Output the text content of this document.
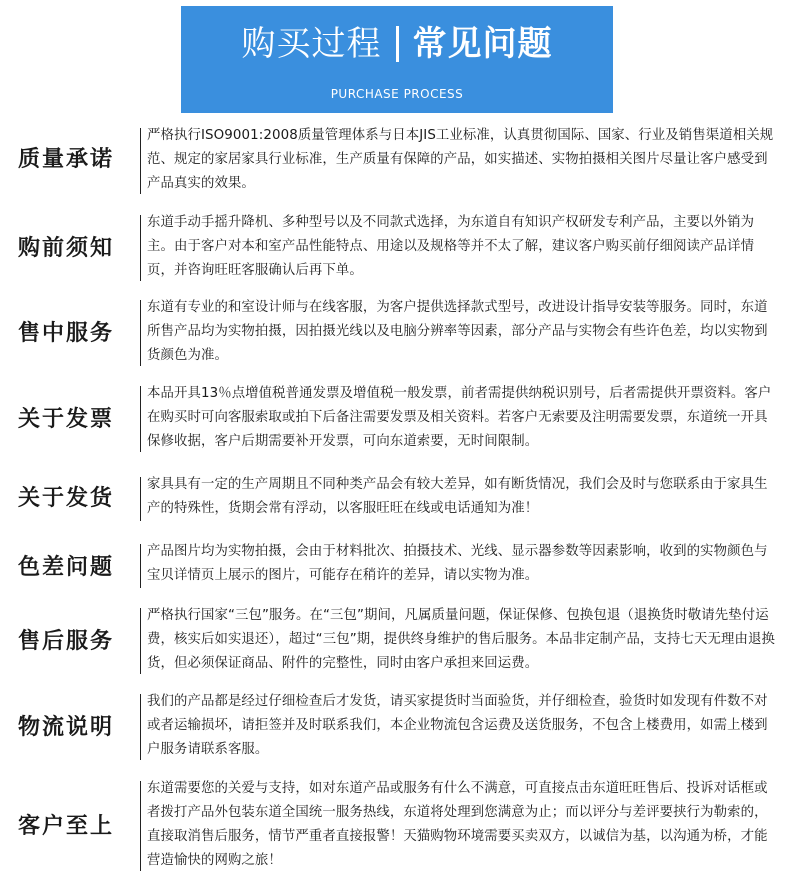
购买过程 常见问题
PURCHASE PROCESS
质量承诺
严格执行ISO9001:2008质量管理体系与日本JIS工业标准，认真贯彻国际、国家、行业及销售渠道相关规范、规定的家居家具行业标准，生产质量有保障的产品，如实描述、实物拍摄相关图片尽量让客户感受到产品真实的效果。
购前须知
东道手动手摇升降机、多种型号以及不同款式选择，为东道自有知识产权研发专利产品，主要以外销为主。由于客户对本和室产品性能特点、用途以及规格等并不太了解，建议客户购买前仔细阅读产品详情页，并咨询旺旺客服确认后再下单。
售中服务
东道有专业的和室设计师与在线客服，为客户提供选择款式型号，改进设计指导安装等服务。同时，东道所售产品均为实物拍摄，因拍摄光线以及电脑分辨率等因素，部分产品与实物会有些许色差，均以实物到货颜色为准。
关于发票
本品开具13％点增值税普通发票及增值税一般发票，前者需提供纳税识别号，后者需提供开票资料。客户在购买时可向客服索取或拍下后备注需要发票及相关资料。若客户无索要及注明需要发票，东道统一开具保修收据，客户后期需要补开发票，可向东道索要，无时间限制。
关于发货
家具具有一定的生产周期且不同种类产品会有较大差异，如有断货情况，我们会及时与您联系由于家具生产的特殊性，货期会常有浮动，以客服旺旺在线或电话通知为准！
色差问题
产品图片均为实物拍摄，会由于材料批次、拍摄技术、光线、显示器参数等因素影响，收到的实物颜色与宝贝详情页上展示的图片，可能存在稍许的差异，请以实物为准。
售后服务
严格执行国家“三包”服务。在“三包”期间，凡属质量问题，保证保修、包换包退（退换货时敬请先垫付运费，核实后如实退还），超过“三包”期，提供终身维护的售后服务。本品非定制产品，支持七天无理由退换货，但必须保证商品、附件的完整性，同时由客户承担来回运费。
物流说明
我们的产品都是经过仔细检查后才发货，请买家提货时当面验货，并仔细检查，验货时如发现有件数不对或者运输损坏，请拒签并及时联系我们，本企业物流包含运费及送货服务，不包含上楼费用，如需上楼到户服务请联系客服。
客户至上
东道需要您的关爱与支持，如对东道产品或服务有什么不满意，可直接点击东道旺旺售后、投诉对话框或者拨打产品外包装东道全国统一服务热线，东道将处理到您满意为止；而以评分与差评要挟行为勒索的，直接取消售后服务，情节严重者直接报警！天猫购物环境需要买卖双方，以诚信为基，以沟通为桥，才能营造愉快的网购之旅！
